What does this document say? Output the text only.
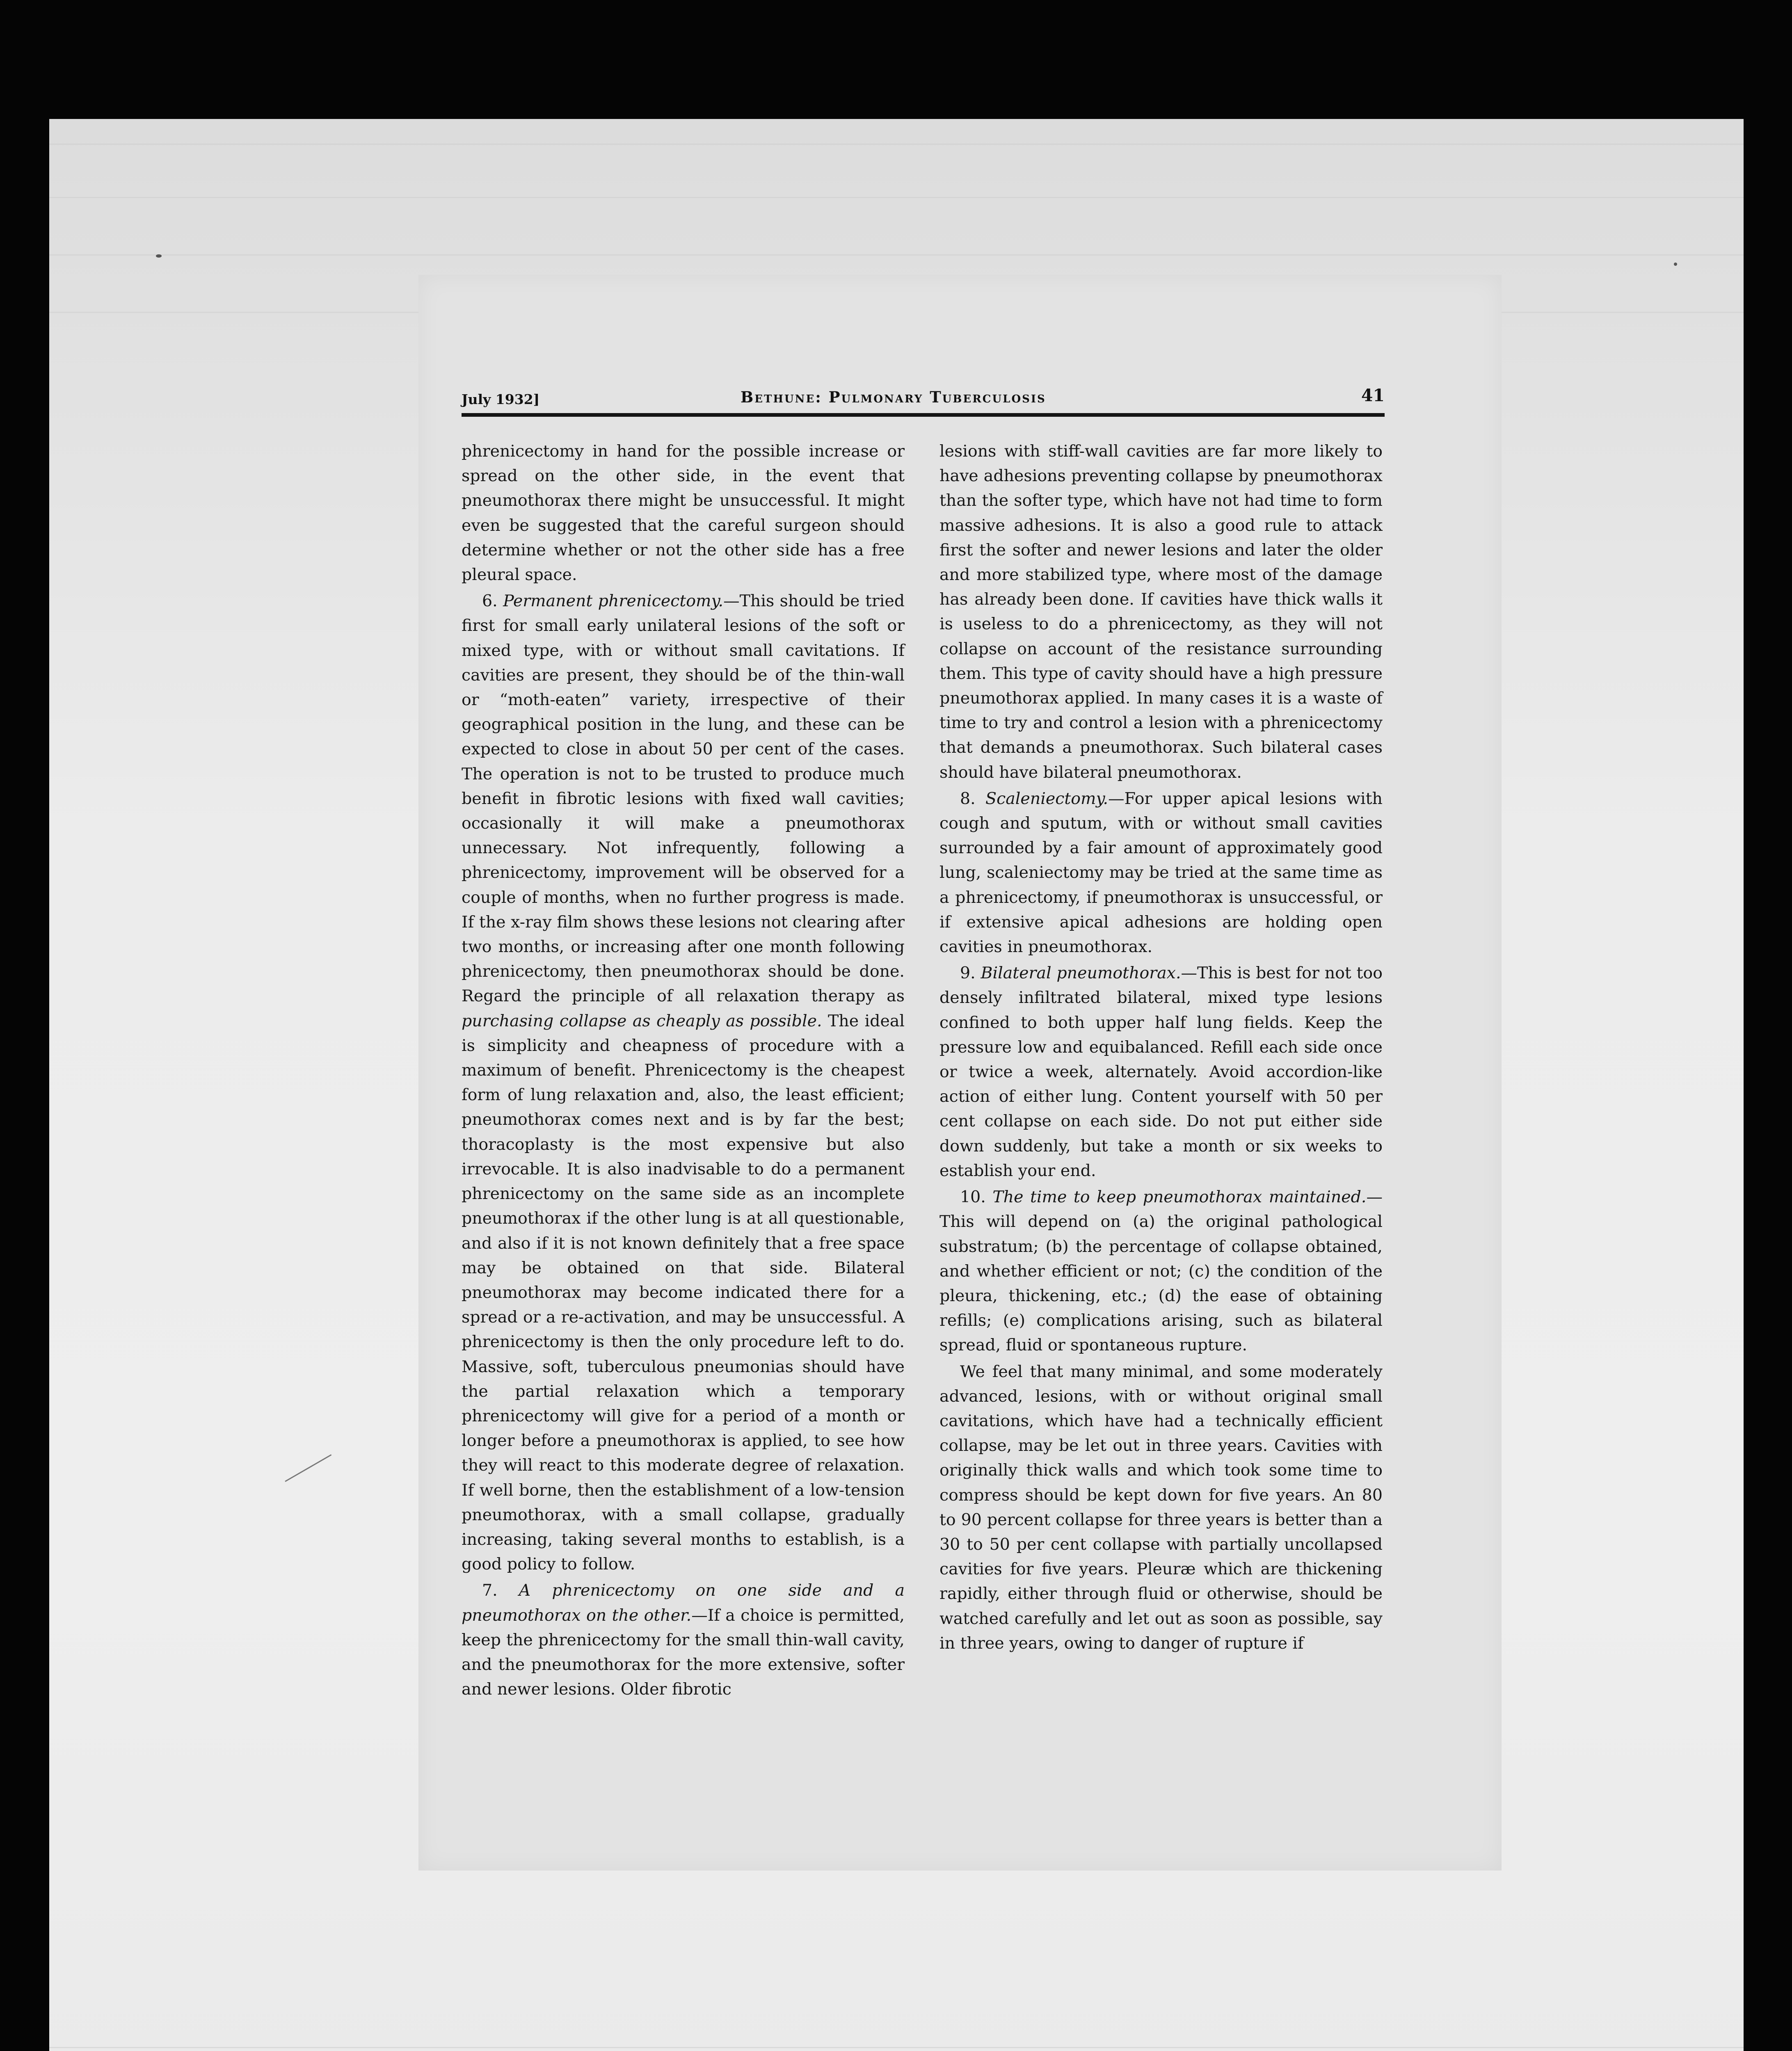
July 1932]	Bethune: Pulmonary Tuberculosis	41

phrenicectomy in hand for the possible increase or spread on the other side, in the event that pneumothorax there might be unsuccessful. It might even be suggested that the careful surgeon should determine whether or not the other side has a free pleural space.

6. Permanent phrenicectomy.—This should be tried first for small early unilateral lesions of the soft or mixed type, with or without small cavitations. If cavities are present, they should be of the thin-wall or “moth-eaten” variety, irrespective of their geographical position in the lung, and these can be expected to close in about 50 per cent of the cases. The operation is not to be trusted to produce much benefit in fibrotic lesions with fixed wall cavities; occasionally it will make a pneumothorax unnecessary. Not infrequently, following a phrenicectomy, improvement will be observed for a couple of months, when no further progress is made. If the x-ray film shows these lesions not clearing after two months, or increasing after one month following phrenicectomy, then pneumothorax should be done. Regard the principle of all relaxation therapy as purchasing collapse as cheaply as possible. The ideal is simplicity and cheapness of procedure with a maximum of benefit. Phrenicectomy is the cheapest form of lung relaxation and, also, the least efficient; pneumothorax comes next and is by far the best; thoracoplasty is the most expensive but also irrevocable. It is also inadvisable to do a permanent phrenicectomy on the same side as an incomplete pneumothorax if the other lung is at all questionable, and also if it is not known definitely that a free space may be obtained on that side. Bilateral pneumothorax may become indicated there for a spread or a re-activation, and may be unsuccessful. A phrenicectomy is then the only procedure left to do. Massive, soft, tuberculous pneumonias should have the partial relaxation which a temporary phrenicectomy will give for a period of a month or longer before a pneumothorax is applied, to see how they will react to this moderate degree of relaxation. If well borne, then the establishment of a low-tension pneumothorax, with a small collapse, gradually increasing, taking several months to establish, is a good policy to follow.

7. A phrenicectomy on one side and a pneumothorax on the other.—If a choice is permitted, keep the phrenicectomy for the small thin-wall cavity, and the pneumothorax for the more extensive, softer and newer lesions. Older fibrotic

lesions with stiff-wall cavities are far more likely to have adhesions preventing collapse by pneumothorax than the softer type, which have not had time to form massive adhesions. It is also a good rule to attack first the softer and newer lesions and later the older and more stabilized type, where most of the damage has already been done. If cavities have thick walls it is useless to do a phrenicectomy, as they will not collapse on account of the resistance surrounding them. This type of cavity should have a high pressure pneumothorax applied. In many cases it is a waste of time to try and control a lesion with a phrenicectomy that demands a pneumothorax. Such bilateral cases should have bilateral pneumothorax.

8. Scaleniectomy.—For upper apical lesions with cough and sputum, with or without small cavities surrounded by a fair amount of approximately good lung, scaleniectomy may be tried at the same time as a phrenicectomy, if pneumothorax is unsuccessful, or if extensive apical adhesions are holding open cavities in pneumothorax.

9. Bilateral pneumothorax.—This is best for not too densely infiltrated bilateral, mixed type lesions confined to both upper half lung fields. Keep the pressure low and equibalanced. Refill each side once or twice a week, alternately. Avoid accordion-like action of either lung. Content yourself with 50 per cent collapse on each side. Do not put either side down suddenly, but take a month or six weeks to establish your end.

10. The time to keep pneumothorax maintained.—This will depend on (a) the original pathological substratum; (b) the percentage of collapse obtained, and whether efficient or not; (c) the condition of the pleura, thickening, etc.; (d) the ease of obtaining refills; (e) complications arising, such as bilateral spread, fluid or spontaneous rupture.

We feel that many minimal, and some moderately advanced, lesions, with or without original small cavitations, which have had a technically efficient collapse, may be let out in three years. Cavities with originally thick walls and which took some time to compress should be kept down for five years. An 80 to 90 percent collapse for three years is better than a 30 to 50 per cent collapse with partially uncollapsed cavities for five years. Pleuræ which are thickening rapidly, either through fluid or otherwise, should be watched carefully and let out as soon as possible, say in three years, owing to danger of rupture if
